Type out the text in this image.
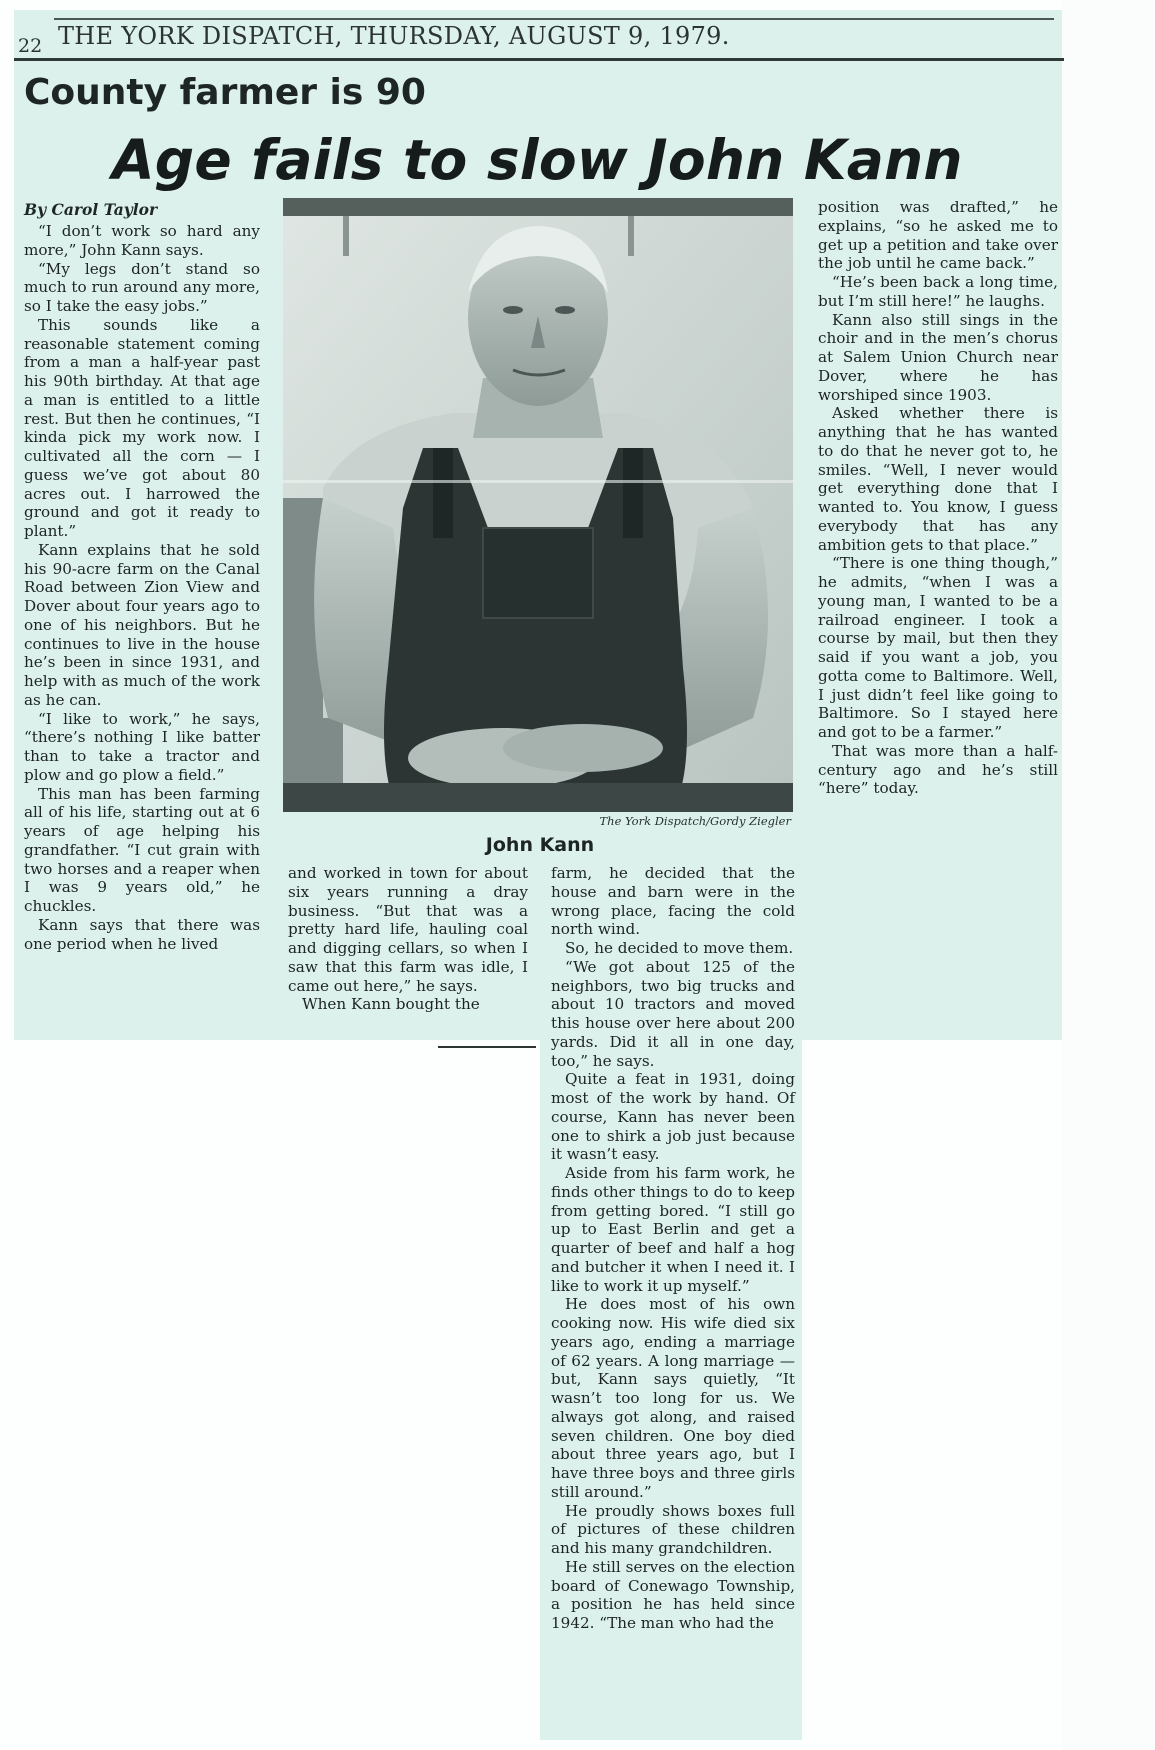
22 THE YORK DISPATCH, THURSDAY, AUGUST 9, 1979.
County farmer is 90
Age fails to slow John Kann
By Carol Taylor

“I don’t work so hard any more,” John Kann says.

“My legs don’t stand so much to run around any more, so I take the easy jobs.”

This sounds like a reasonable statement coming from a man a half-year past his 90th birthday. At that age a man is entitled to a little rest. But then he continues, “I kinda pick my work now. I cultivated all the corn — I guess we’ve got about 80 acres out. I harrowed the ground and got it ready to plant.”

Kann explains that he sold his 90-acre farm on the Canal Road between Zion View and Dover about four years ago to one of his neighbors. But he continues to live in the house he’s been in since 1931, and help with as much of the work as he can.

“I like to work,” he says, “there’s nothing I like batter than to take a tractor and plow and go plow a field.”

This man has been farming all of his life, starting out at 6 years of age helping his grandfather. “I cut grain with two horses and a reaper when I was 9 years old,” he chuckles.

Kann says that there was one period when he lived

The York Dispatch/Gordy Ziegler
John Kann

and worked in town for about six years running a dray business. “But that was a pretty hard life, hauling coal and digging cellars, so when I saw that this farm was idle, I came out here,” he says.

When Kann bought the

farm, he decided that the house and barn were in the wrong place, facing the cold north wind.

So, he decided to move them.

“We got about 125 of the neighbors, two big trucks and about 10 tractors and moved this house over here about 200 yards. Did it all in one day, too,” he says.

Quite a feat in 1931, doing most of the work by hand. Of course, Kann has never been one to shirk a job just because it wasn’t easy.

Aside from his farm work, he finds other things to do to keep from getting bored. “I still go up to East Berlin and get a quarter of beef and half a hog and butcher it when I need it. I like to work it up myself.”

He does most of his own cooking now. His wife died six years ago, ending a marriage of 62 years. A long marriage — but, Kann says quietly, “It wasn’t too long for us. We always got along, and raised seven children. One boy died about three years ago, but I have three boys and three girls still around.”

He proudly shows boxes full of pictures of these children and his many grandchildren.

He still serves on the election board of Conewago Township, a position he has held since 1942. “The man who had the

position was drafted,” he explains, “so he asked me to get up a petition and take over the job until he came back.”

“He’s been back a long time, but I’m still here!” he laughs.

Kann also still sings in the choir and in the men’s chorus at Salem Union Church near Dover, where he has worshiped since 1903.

Asked whether there is anything that he has wanted to do that he never got to, he smiles. “Well, I never would get everything done that I wanted to. You know, I guess everybody that has any ambition gets to that place.”

“There is one thing though,” he admits, “when I was a young man, I wanted to be a railroad engineer. I took a course by mail, but then they said if you want a job, you gotta come to Baltimore. Well, I just didn’t feel like going to Baltimore. So I stayed here and got to be a farmer.”

That was more than a half-century ago and he’s still “here” today.
